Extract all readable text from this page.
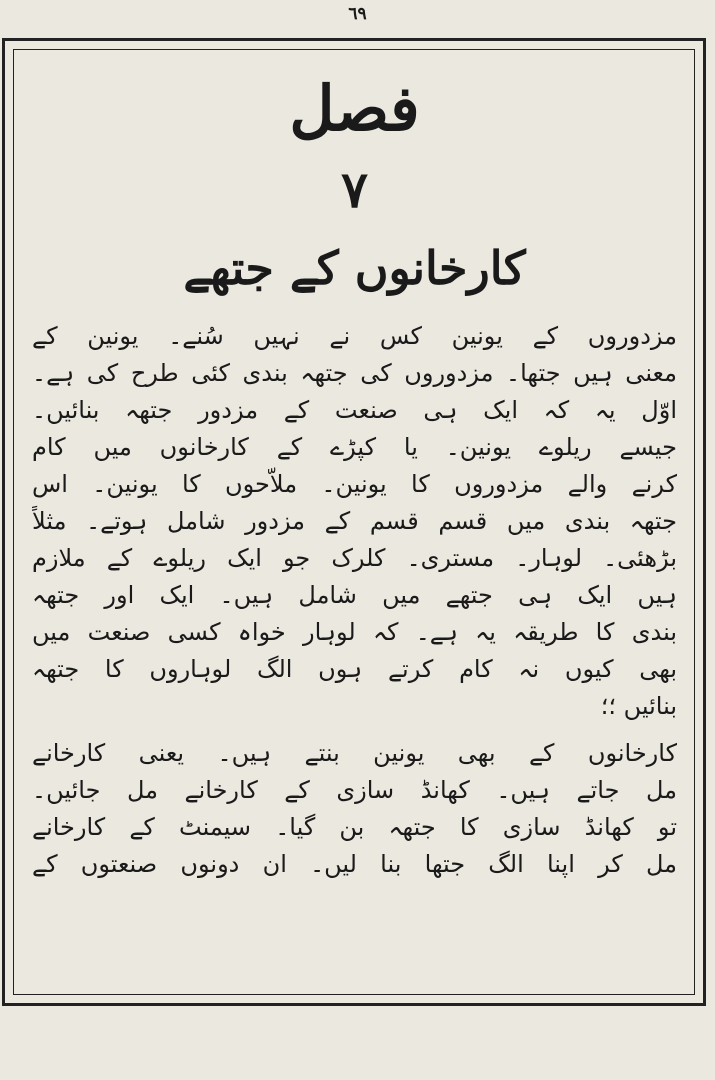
٦٩
فصل
۷
کارخانوں کے جتھے
مزدوروں کے یونین کس نے نہیں سُنے۔ یونین کے
معنی ہیں جتھا۔ مزدوروں کی جتھہ بندی کئی طرح کی ہے۔
اوّل یہ کہ ایک ہی صنعت کے مزدور جتھہ بنائیں۔
جیسے ریلوے یونین۔ یا کپڑے کے کارخانوں میں کام
کرنے والے مزدوروں کا یونین۔ ملاّحوں کا یونین۔ اس
جتھہ بندی میں قسم قسم کے مزدور شامل ہوتے۔ مثلاً
بڑھئی۔ لوہار۔ مستری۔ کلرک جو ایک ریلوے کے ملازم
ہیں ایک ہی جتھے میں شامل ہیں۔ ایک اور جتھہ
بندی کا طریقہ یہ ہے۔ کہ لوہار خواہ کسی صنعت میں
بھی کیوں نہ کام کرتے ہوں الگ لوہاروں کا جتھہ
بنائیں ؛؛
کارخانوں کے بھی یونین بنتے ہیں۔ یعنی کارخانے
مل جاتے ہیں۔ کھانڈ سازی کے کارخانے مل جائیں۔
تو کھانڈ سازی کا جتھہ بن گیا۔ سیمنٹ کے کارخانے
مل کر اپنا الگ جتھا بنا لیں۔ ان دونوں صنعتوں کے
